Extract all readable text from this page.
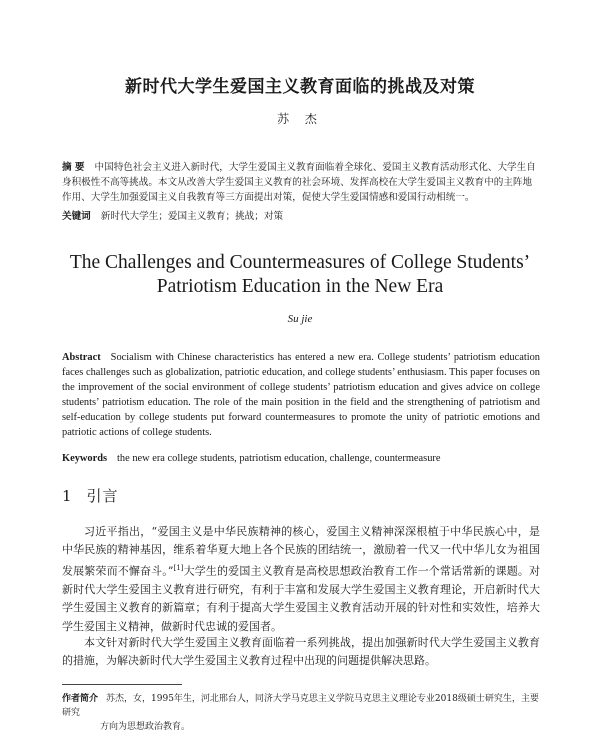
新时代大学生爱国主义教育面临的挑战及对策
苏 杰
摘 要 中国特色社会主义进入新时代，大学生爱国主义教育面临着全球化、爱国主义教育活动形式化、大学生自身积极性不高等挑战。本文从改善大学生爱国主义教育的社会环境、发挥高校在大学生爱国主义教育中的主阵地作用、大学生加强爱国主义自我教育等三方面提出对策，促使大学生爱国情感和爱国行动相统一。
关键词 新时代大学生；爱国主义教育；挑战；对策
The Challenges and Countermeasures of College Students’
Patriotism Education in the New Era
Su jie
Abstract Socialism with Chinese characteristics has entered a new era. College students’ patriotism education faces challenges such as globalization, patriotic education, and college students’ enthusiasm. This paper focuses on the improvement of the social environment of college students’ patriotism education and gives advice on college students’ patriotism education. The role of the main position in the field and the strengthening of patriotism and self-education by college students put forward countermeasures to promote the unity of patriotic emotions and patriotic actions of college students.
Keywords the new era college students, patriotism education, challenge, countermeasure
1 引言
习近平指出，“爱国主义是中华民族精神的核心，爱国主义精神深深根植于中华民族心中，是中华民族的精神基因，维系着华夏大地上各个民族的团结统一，激励着一代又一代中华儿女为祖国发展繁荣而不懈奋斗。”[1]大学生的爱国主义教育是高校思想政治教育工作一个常话常新的课题。对新时代大学生爱国主义教育进行研究，有利于丰富和发展大学生爱国主义教育理论，开启新时代大学生爱国主义教育的新篇章；有利于提高大学生爱国主义教育活动开展的针对性和实效性，培养大学生爱国主义精神，做新时代忠诚的爱国者。
本文针对新时代大学生爱国主义教育面临着一系列挑战，提出加强新时代大学生爱国主义教育的措施，为解决新时代大学生爱国主义教育过程中出现的问题提供解决思路。
作者简介 苏杰，女，1995年生，河北邢台人，同济大学马克思主义学院马克思主义理论专业2018级硕士研究生，主要研究
方向为思想政治教育。
